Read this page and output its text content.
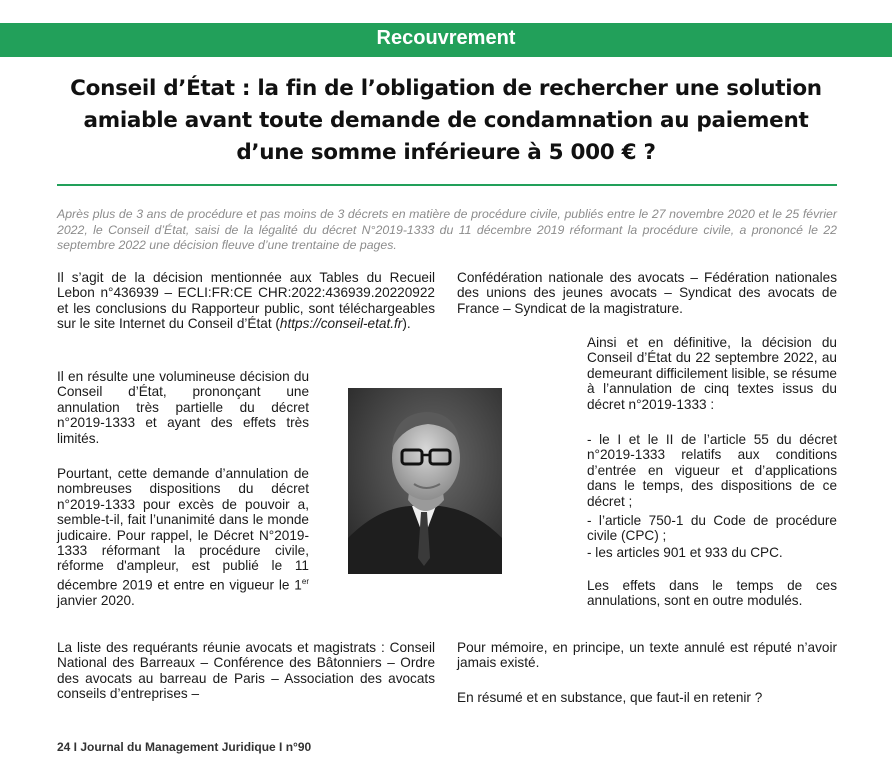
Recouvrement
Conseil d’État : la fin de l’obligation de rechercher une solution amiable avant toute demande de condamnation au paiement d’une somme inférieure à 5 000 € ?
Après plus de 3 ans de procédure et pas moins de 3 décrets en matière de procédure civile, publiés entre le 27 novembre 2020 et le 25 février 2022, le Conseil d’État, saisi de la légalité du décret N°2019-1333 du 11 décembre 2019 réformant la procédure civile, a prononcé le 22 septembre 2022 une décision fleuve d’une trentaine de pages.

Il s’agit de la décision mentionnée aux Tables du Recueil Lebon n°436939 – ECLI:FR:CE CHR:2022:436939.20220922 et les conclusions du Rapporteur public, sont téléchargeables sur le site Internet du Conseil d’État (https://conseil-etat.fr).

Il en résulte une volumineuse décision du Conseil d’État, prononçant une annulation très partielle du décret n°2019-1333 et ayant des effets très limités.

Pourtant, cette demande d’annulation de nombreuses dispositions du décret n°2019-1333 pour excès de pouvoir a, semble-t-il, fait l’unanimité dans le monde judicaire. Pour rappel, le Décret N°2019-1333 réformant la procédure civile, réforme d'ampleur, est publié le 11 décembre 2019 et entre en vigueur le 1er janvier 2020.

La liste des requérants réunie avocats et magistrats : Conseil National des Barreaux – Conférence des Bâtonniers – Ordre des avocats au barreau de Paris – Association des avocats conseils d’entreprises –

Confédération nationale des avocats – Fédération nationales des unions des jeunes avocats – Syndicat des avocats de France – Syndicat de la magistrature.

Ainsi et en définitive, la décision du Conseil d’État du 22 septembre 2022, au demeurant difficilement lisible, se résume à l’annulation de cinq textes issus du décret n°2019-1333 :

- le I et le II de l’article 55 du décret n°2019-1333 relatifs aux conditions d’entrée en vigueur et d’applications dans le temps, des dispositions de ce décret ;

- l’article 750-1 du Code de procédure civile (CPC) ;

- les articles 901 et 933 du CPC.

Les effets dans le temps de ces annulations, sont en outre modulés.

Pour mémoire, en principe, un texte annulé est réputé n’avoir jamais existé.

En résumé et en substance, que faut-il en retenir ?

24 I Journal du Management Juridique I n°90
